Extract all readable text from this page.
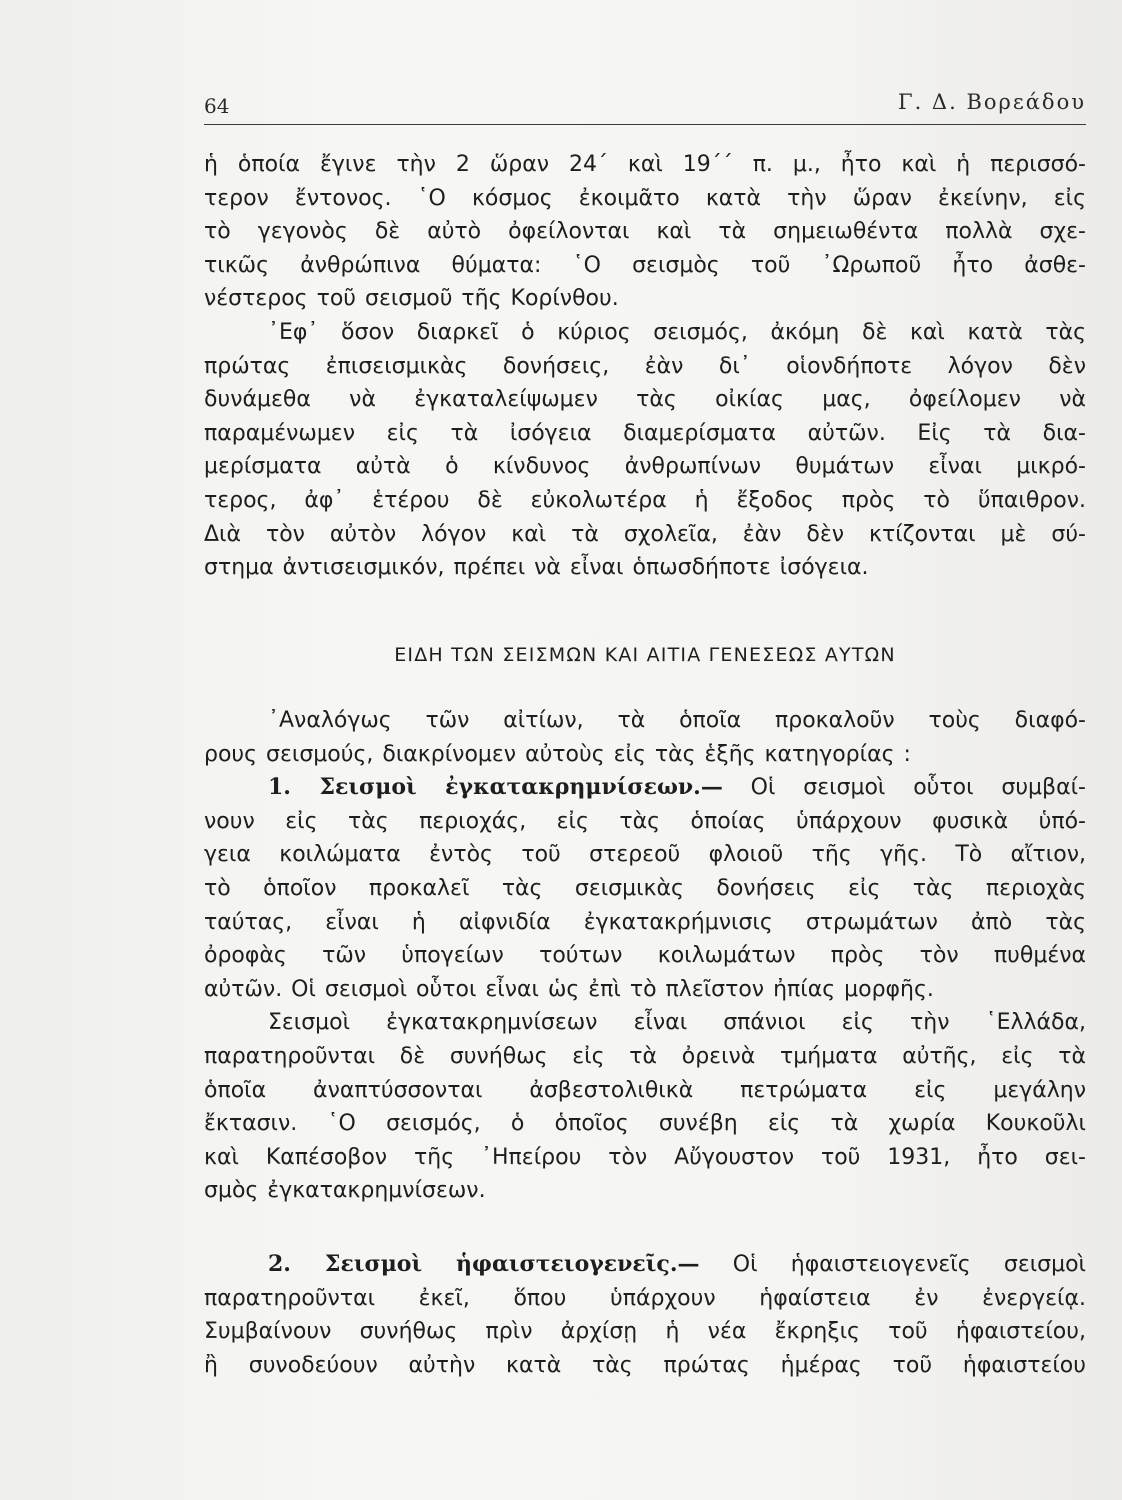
64	Γ. Δ. Βορεάδου
ἡ ὁποία ἔγινε τὴν 2 ὥραν 24΄ καὶ 19΄΄ π. μ., ἦτο καὶ ἡ περισσό-
τερον ἔντονος. ῾Ο κόσμος ἐκοιμᾶτο κατὰ τὴν ὥραν ἐκείνην, εἰς
τὸ γεγονὸς δὲ αὐτὸ ὀφείλονται καὶ τὰ σημειωθέντα πολλὰ σχε-
τικῶς ἀνθρώπινα θύματα: ῾Ο σεισμὸς τοῦ ᾿Ωρωποῦ ἦτο ἀσθε-
νέστερος τοῦ σεισμοῦ τῆς Κορίνθου.
᾿Εφ᾿ ὅσον διαρκεῖ ὁ κύριος σεισμός, ἀκόμη δὲ καὶ κατὰ τὰς
πρώτας ἐπισεισμικὰς δονήσεις, ἐὰν δι᾿ οἱονδήποτε λόγον δὲν
δυνάμεθα νὰ ἐγκαταλείψωμεν τὰς οἰκίας μας, ὀφείλομεν νὰ
παραμένωμεν εἰς τὰ ἰσόγεια διαμερίσματα αὐτῶν. Εἰς τὰ δια-
μερίσματα αὐτὰ ὁ κίνδυνος ἀνθρωπίνων θυμάτων εἶναι μικρό-
τερος, ἀφ᾿ ἑτέρου δὲ εὐκολωτέρα ἡ ἔξοδος πρὸς τὸ ὕπαιθρον.
Διὰ τὸν αὐτὸν λόγον καὶ τὰ σχολεῖα, ἐὰν δὲν κτίζονται μὲ σύ-
στημα ἀντισεισμικόν, πρέπει νὰ εἶναι ὁπωσδήποτε ἰσόγεια.
ΕΙΔΗ ΤΩΝ ΣΕΙΣΜΩΝ ΚΑΙ ΑΙΤΙΑ ΓΕΝΕΣΕΩΣ ΑΥΤΩΝ
᾿Αναλόγως τῶν αἰτίων, τὰ ὁποῖα προκαλοῦν τοὺς διαφό-
ρους σεισμούς, διακρίνομεν αὐτοὺς εἰς τὰς ἑξῆς κατηγορίας :
1. Σεισμοὶ ἐγκατακρημνίσεων.— Οἱ σεισμοὶ οὗτοι συμβαί-
νουν εἰς τὰς περιοχάς, εἰς τὰς ὁποίας ὑπάρχουν φυσικὰ ὑπό-
γεια κοιλώματα ἐντὸς τοῦ στερεοῦ φλοιοῦ τῆς γῆς. Τὸ αἴτιον,
τὸ ὁποῖον προκαλεῖ τὰς σεισμικὰς δονήσεις εἰς τὰς περιοχὰς
ταύτας, εἶναι ἡ αἰφνιδία ἐγκατακρήμνισις στρωμάτων ἀπὸ τὰς
ὀροφὰς τῶν ὑπογείων τούτων κοιλωμάτων πρὸς τὸν πυθμένα
αὐτῶν. Οἱ σεισμοὶ οὗτοι εἶναι ὡς ἐπὶ τὸ πλεῖστον ἠπίας μορφῆς.
Σεισμοὶ ἐγκατακρημνίσεων εἶναι σπάνιοι εἰς τὴν ῾Ελλάδα,
παρατηροῦνται δὲ συνήθως εἰς τὰ ὀρεινὰ τμήματα αὐτῆς, εἰς τὰ
ὁποῖα ἀναπτύσσονται ἀσβεστολιθικὰ πετρώματα εἰς μεγάλην
ἔκτασιν. ῾Ο σεισμός, ὁ ὁποῖος συνέβη εἰς τὰ χωρία Κουκοῦλι
καὶ Καπέσοβον τῆς ᾿Ηπείρου τὸν Αὔγουστον τοῦ 1931, ἦτο σει-
σμὸς ἐγκατακρημνίσεων.
2. Σεισμοὶ ἡφαιστειογενεῖς.— Οἱ ἡφαιστειογενεῖς σεισμοὶ
παρατηροῦνται ἐκεῖ, ὅπου ὑπάρχουν ἡφαίστεια ἐν ἐνεργείᾳ.
Συμβαίνουν συνήθως πρὶν ἀρχίσῃ ἡ νέα ἔκρηξις τοῦ ἡφαιστείου,
ἢ συνοδεύουν αὐτὴν κατὰ τὰς πρώτας ἡμέρας τοῦ ἡφαιστείου
